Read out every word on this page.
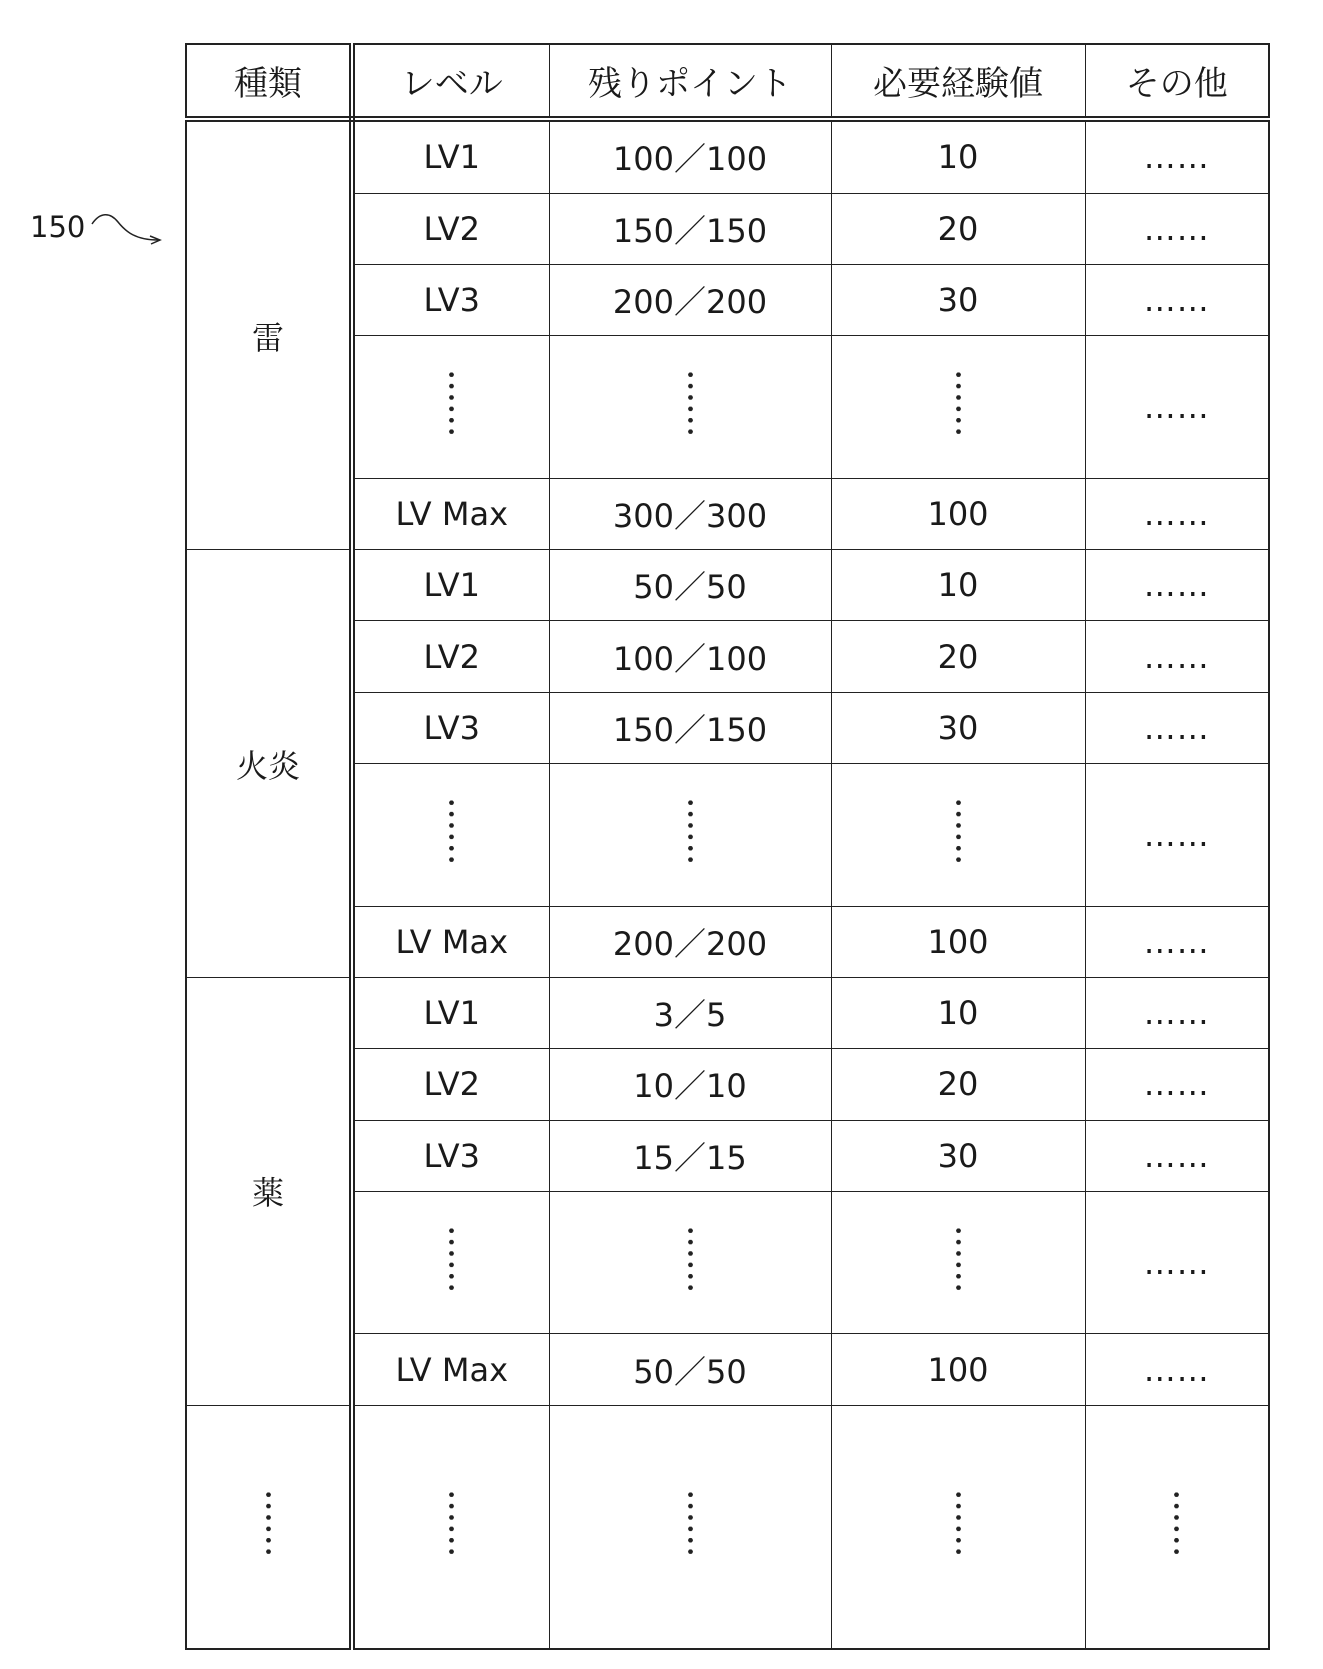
150
種類	レベル	残りポイント	必要経験値	その他
雷	LV1	100／100	10	……
	LV2	150／150	20	……
	LV3	200／200	30	……
				……
	LV Max	300／300	100	……
火炎	LV1	50／50	10	……
	LV2	100／100	20	……
	LV3	150／150	30	……
				……
	LV Max	200／200	100	……
薬	LV1	3／5	10	……
	LV2	10／10	20	……
	LV3	15／15	30	……
				……
	LV Max	50／50	100	……
